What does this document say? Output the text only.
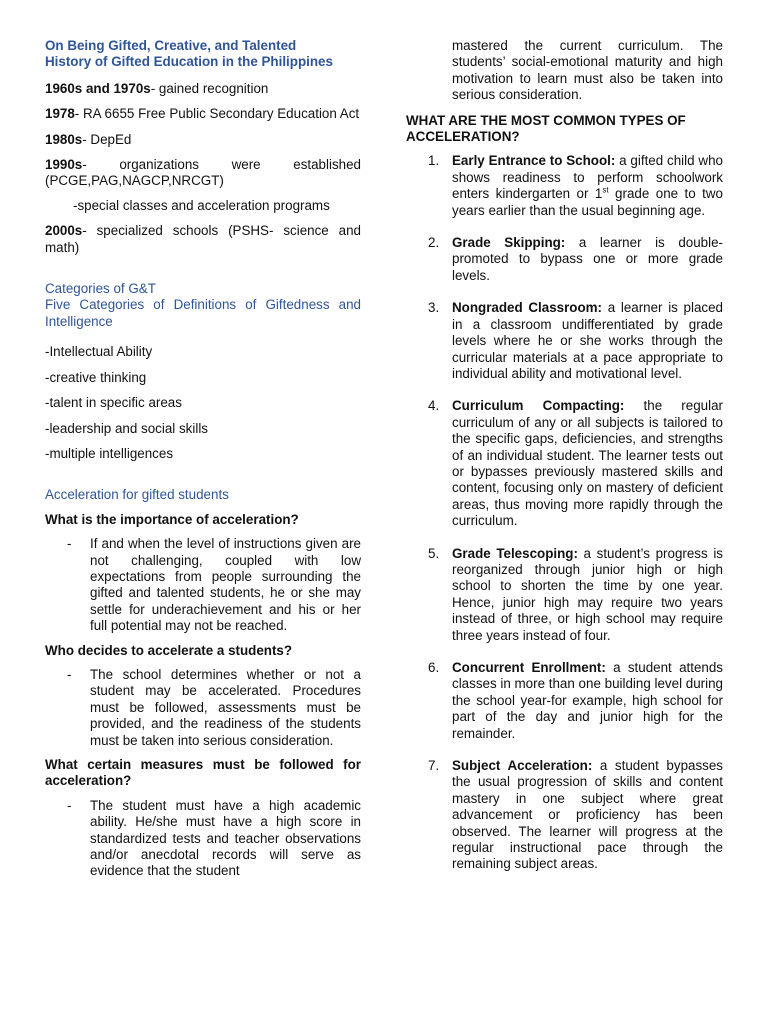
On Being Gifted, Creative, and Talented

History of Gifted Education in the Philippines

1960s and 1970s- gained recognition

1978- RA 6655 Free Public Secondary Education Act

1980s- DepEd

1990s- organizations were established (PCGE,PAG,NAGCP,NRCGT)

-special classes and acceleration programs

2000s- specialized schools (PSHS- science and math)

Categories of G&T

Five Categories of Definitions of Giftedness and Intelligence

-Intellectual Ability

-creative thinking

-talent in specific areas

-leadership and social skills

-multiple intelligences

Acceleration for gifted students

What is the importance of acceleration?

- If and when the level of instructions given are not challenging, coupled with low expectations from people surrounding the gifted and talented students, he or she may settle for underachievement and his or her full potential may not be reached.

Who decides to accelerate a students?

- The school determines whether or not a student may be accelerated. Procedures must be followed, assessments must be provided, and the readiness of the students must be taken into serious consideration.

What certain measures must be followed for acceleration?

- The student must have a high academic ability. He/she must have a high score in standardized tests and teacher observations and/or anecdotal records will serve as evidence that the student

mastered the current curriculum. The students’ social-emotional maturity and high motivation to learn must also be taken into serious consideration.

WHAT ARE THE MOST COMMON TYPES OF ACCELERATION?

1. Early Entrance to School: a gifted child who shows readiness to perform schoolwork enters kindergarten or 1st grade one to two years earlier than the usual beginning age.
2. Grade Skipping: a learner is double-promoted to bypass one or more grade levels.
3. Nongraded Classroom: a learner is placed in a classroom undifferentiated by grade levels where he or she works through the curricular materials at a pace appropriate to individual ability and motivational level.
4. Curriculum Compacting: the regular curriculum of any or all subjects is tailored to the specific gaps, deficiencies, and strengths of an individual student. The learner tests out or bypasses previously mastered skills and content, focusing only on mastery of deficient areas, thus moving more rapidly through the curriculum.
5. Grade Telescoping: a student’s progress is reorganized through junior high or high school to shorten the time by one year. Hence, junior high may require two years instead of three, or high school may require three years instead of four.
6. Concurrent Enrollment: a student attends classes in more than one building level during the school year-for example, high school for part of the day and junior high for the remainder.
7. Subject Acceleration: a student bypasses the usual progression of skills and content mastery in one subject where great advancement or proficiency has been observed. The learner will progress at the regular instructional pace through the remaining subject areas.
